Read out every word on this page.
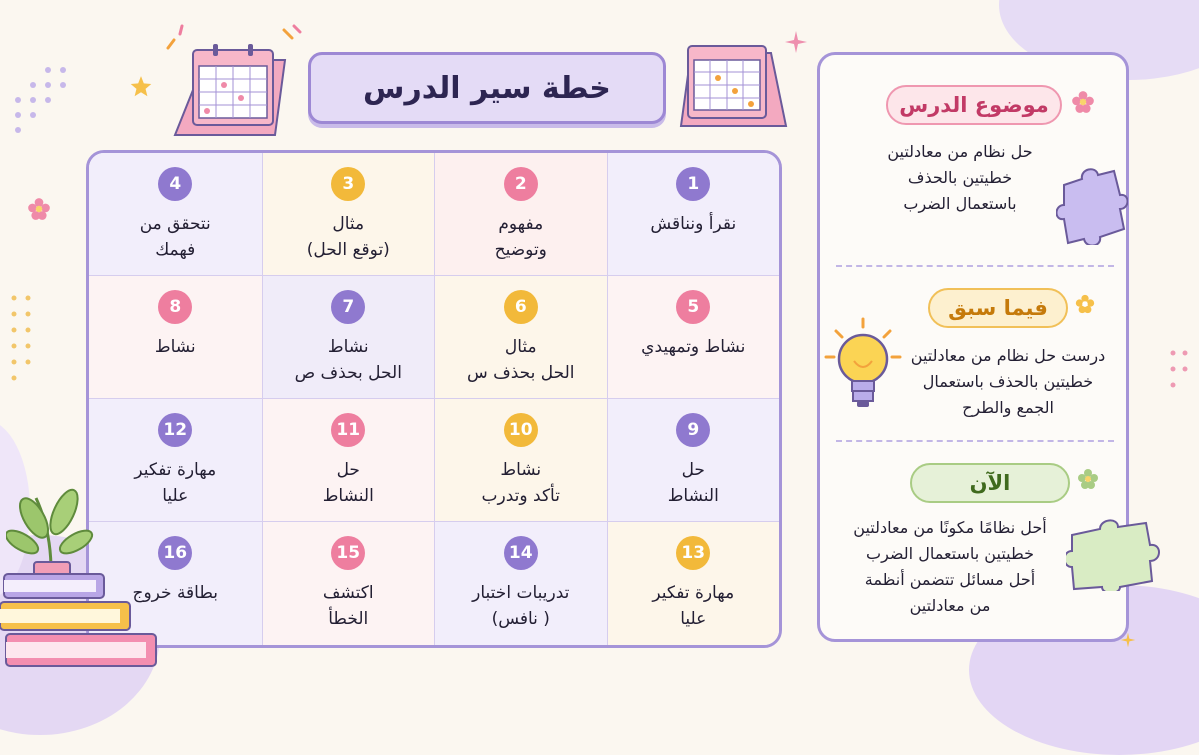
خطة سير الدرس
1
نقرأ ونناقش
2
مفهوم
وتوضيح
3
مثال
(توقع الحل)
4
نتحقق من
فهمك
5
نشاط وتمهيدي
6
مثال
الحل بحذف س
7
نشاط
الحل بحذف ص
8
نشاط
9
حل
النشاط
10
نشاط
تأكد وتدرب
11
حل
النشاط
12
مهارة تفكير
عليا
13
مهارة تفكير
عليا
14
تدريبات اختبار
( نافس)
15
اكتشف
الخطأ
16
بطاقة خروج
موضوع الدرس
حل نظام من معادلتين
خطيتين بالحذف
باستعمال الضرب
فيما سبق
درست حل نظام من معادلتين
خطيتين بالحذف باستعمال
الجمع والطرح
الآن
أحل نظامًا مكونًا من معادلتين
خطيتين باستعمال الضرب
أحل مسائل تتضمن أنظمة
من معادلتين
